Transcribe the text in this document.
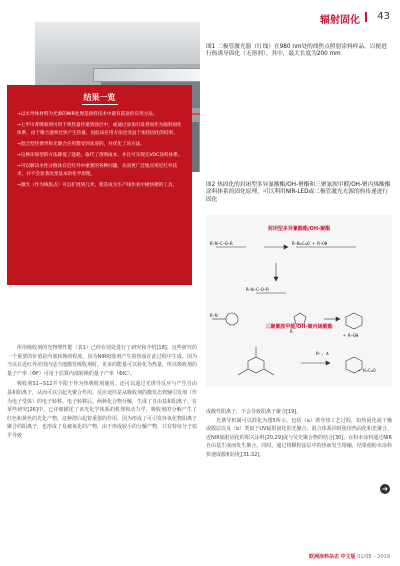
辐射固化 43
图1 二极管激光器（红线）在980 nm处的线焦点照射涂料样品。以便进行热诱导固化（无溶剂）。其中，最大长度为200 mm
结果一览
→以水导体材料为光源的NIR处理是涂料技术中最有前途的应用方法。
→七甲川菁吸收剂可用于将热量传递到涂层中，或通过添加引发剂而作为辐射固化体系，由于聚合速率过快产生热量，因此该应用方法也受益于加热固化的结果。
→混合型热诱导和光聚合应用都受到欢迎的，并优化了该方法。
→这种环保型的方法降低了能耗，取代了溶剂成本，并且可实现无VOC涂料体系。
→可以解决水性分散体在近红外中重要的各种问题，从而更广泛地应用近红外技术，并不会显著改变基本的化学原理。
→激光（作为线焦点）可以扩展到几米，使其成为生产线作业中极快捷的工具。	图2 热固化的封闭型多异氰酸酯/OH-聚酯和三聚氰胺甲醛/OH-聚丙烯酸酯涂料体系的固化原理，可以利用NIR-LED或二极管激光光源的热传递进行固化
封闭型多异氰酸酯/OH-聚酯
R–N–C–O–R	R–N=C=O + R–OH
R–N–C–O–R
R–N
R
+ R–OH
三聚氰胺甲醛/OH-聚丙烯酸酯
H⁺, Δ
+ H₂C=O

所用吸收剂的光物理性能（表1）已经在别处进行了研究和介绍[18]。这些研究的一个重要的价值是内部转换的程度，因为NIR吸收剂产生的热量在此过程中生成。因为当以在近红外范围内适当地激发吸收剂时，更多的能量可以转化为热量，所以吸收剂的量子产率（ΦF）可用于估算内部转换的量子产率（ΦIC）。

吸收剂S1−S12并不限于作为热吸收剂使用。还可以通过光诱导反应与产生自由基和阳离子，从而可以引起光聚合作用。反应途径是从吸收剂的激发态到辅引发剂（作为电子受体）的电子转移。电子转移后，两种化合物分解，生成了自由基和阳离子。在某些研究[26]中，已详细描述了该光化学体系的机理和动力学，吸收剂的分解产生了红色和黄色的光化产物，这种漂白起着重要的作用，因为形成了可引发环氧化物阳离子聚合的阳离子，也形成了易被氧化的产物，由于形成较小的分解产物，只有特征分子似乎导致

成酸性阳离子，不会导致阳离子聚合[19]。

光诱导机制可以简化为图5所示。包括（a）诱导热工艺过程，如热固化或干燥或膜层以及（b）类似于UV辐射固化的光聚合。混合体系同时使用热固化和光聚合。近NIR辐射固化的相关涂料[20,29]或与荧光聚合物的结合[30]，在粉末涂料通过NIR自由基生成而发生聚合。同时，通过将颗粒涂层中的热而发生熔融，结果使粉末涂料快速成膜和固化[31,32]。

➜
欧洲涂料杂志 中文版 01/08 – 2019
